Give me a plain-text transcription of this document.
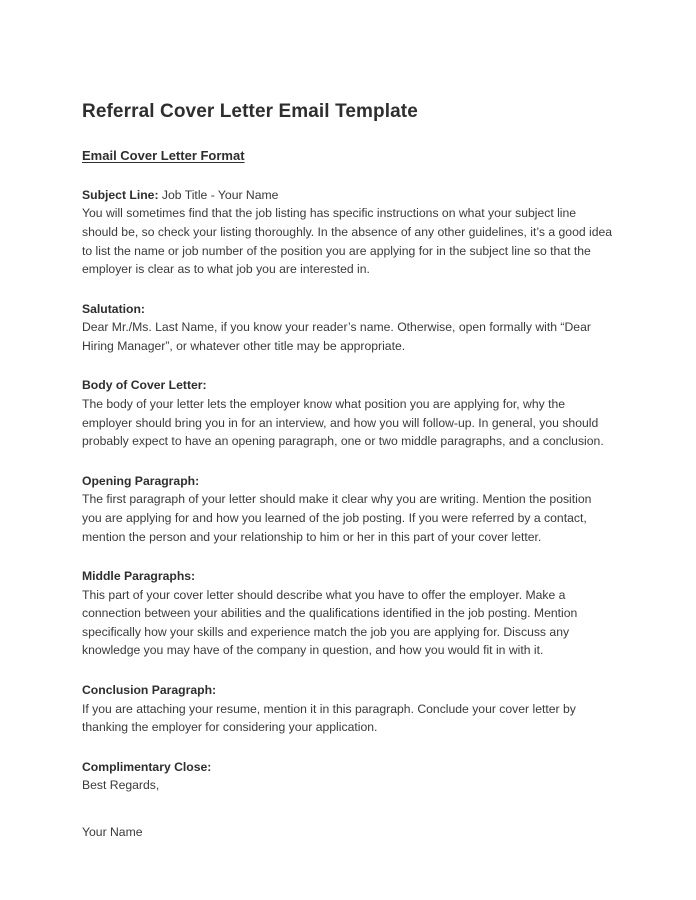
Referral Cover Letter Email Template
Email Cover Letter Format

Subject Line: Job Title - Your Name

You will sometimes find that the job listing has specific instructions on what your subject line should be, so check your listing thoroughly. In the absence of any other guidelines, it’s a good idea to list the name or job number of the position you are applying for in the subject line so that the employer is clear as to what job you are interested in.

Salutation:

Dear Mr./Ms. Last Name, if you know your reader’s name. Otherwise, open formally with “Dear Hiring Manager”, or whatever other title may be appropriate.

Body of Cover Letter:

The body of your letter lets the employer know what position you are applying for, why the employer should bring you in for an interview, and how you will follow-up. In general, you should probably expect to have an opening paragraph, one or two middle paragraphs, and a conclusion.

Opening Paragraph:

The first paragraph of your letter should make it clear why you are writing. Mention the position you are applying for and how you learned of the job posting. If you were referred by a contact, mention the person and your relationship to him or her in this part of your cover letter.

Middle Paragraphs:

This part of your cover letter should describe what you have to offer the employer. Make a connection between your abilities and the qualifications identified in the job posting. Mention specifically how your skills and experience match the job you are applying for. Discuss any knowledge you may have of the company in question, and how you would fit in with it.

Conclusion Paragraph:

If you are attaching your resume, mention it in this paragraph. Conclude your cover letter by thanking the employer for considering your application.

Complimentary Close:

Best Regards,

Your Name
